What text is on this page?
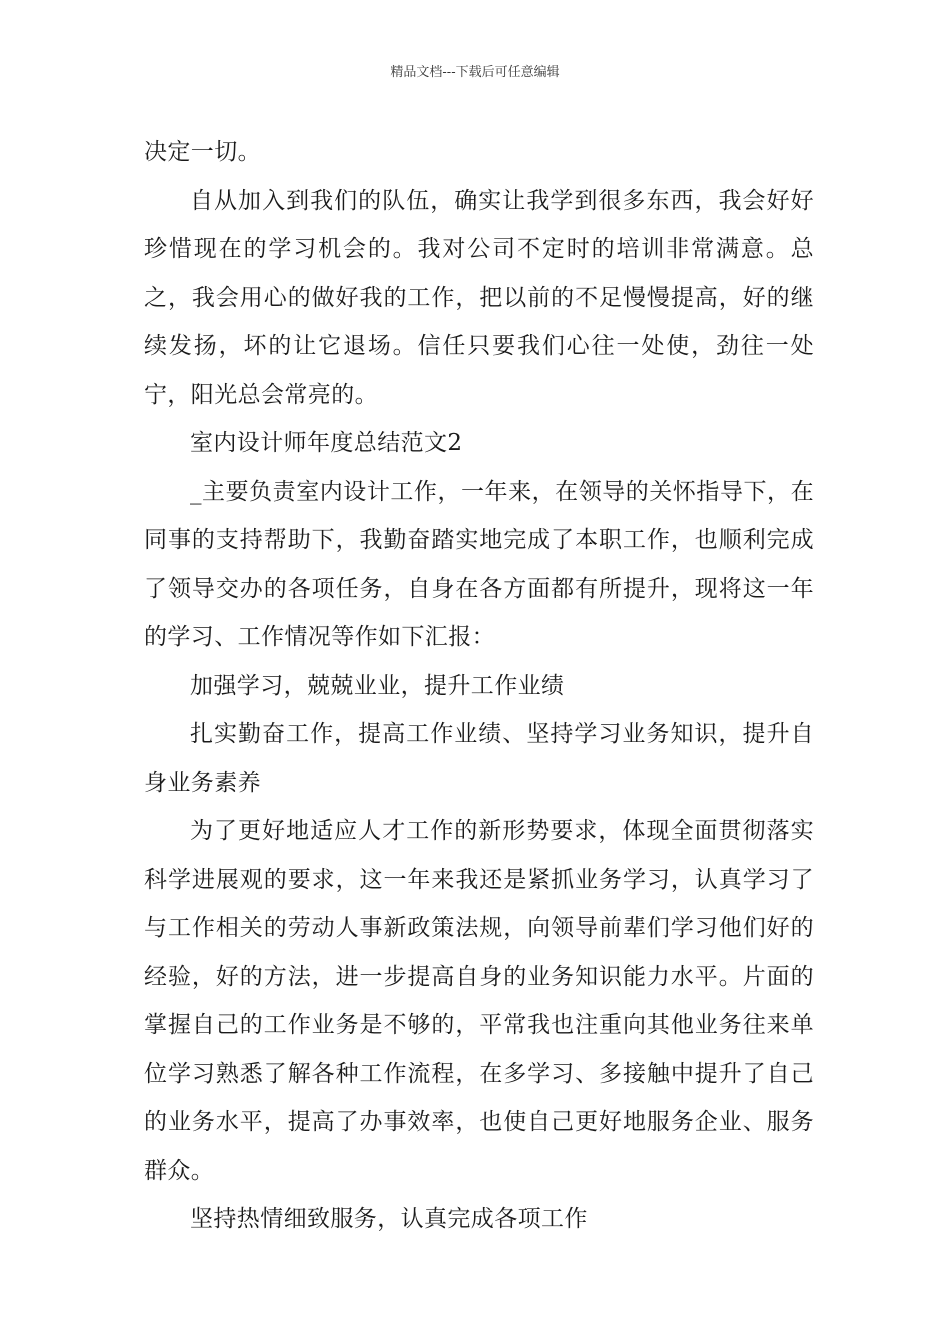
精品文档---下载后可任意编辑

决定一切。

自从加入到我们的队伍，确实让我学到很多东西，我会好好珍惜现在的学习机会的。我对公司不定时的培训非常满意。总之，我会用心的做好我的工作，把以前的不足慢慢提高，好的继续发扬，坏的让它退场。信任只要我们心往一处使，劲往一处宁，阳光总会常亮的。

室内设计师年度总结范文2

_主要负责室内设计工作，一年来，在领导的关怀指导下，在同事的支持帮助下，我勤奋踏实地完成了本职工作，也顺利完成了领导交办的各项任务，自身在各方面都有所提升，现将这一年的学习、工作情况等作如下汇报：

加强学习，兢兢业业，提升工作业绩

扎实勤奋工作，提高工作业绩、坚持学习业务知识，提升自身业务素养

为了更好地适应人才工作的新形势要求，体现全面贯彻落实科学进展观的要求，这一年来我还是紧抓业务学习，认真学习了与工作相关的劳动人事新政策法规，向领导前辈们学习他们好的经验，好的方法，进一步提高自身的业务知识能力水平。片面的掌握自己的工作业务是不够的，平常我也注重向其他业务往来单位学习熟悉了解各种工作流程，在多学习、多接触中提升了自己的业务水平，提高了办事效率，也使自己更好地服务企业、服务群众。

坚持热情细致服务，认真完成各项工作
